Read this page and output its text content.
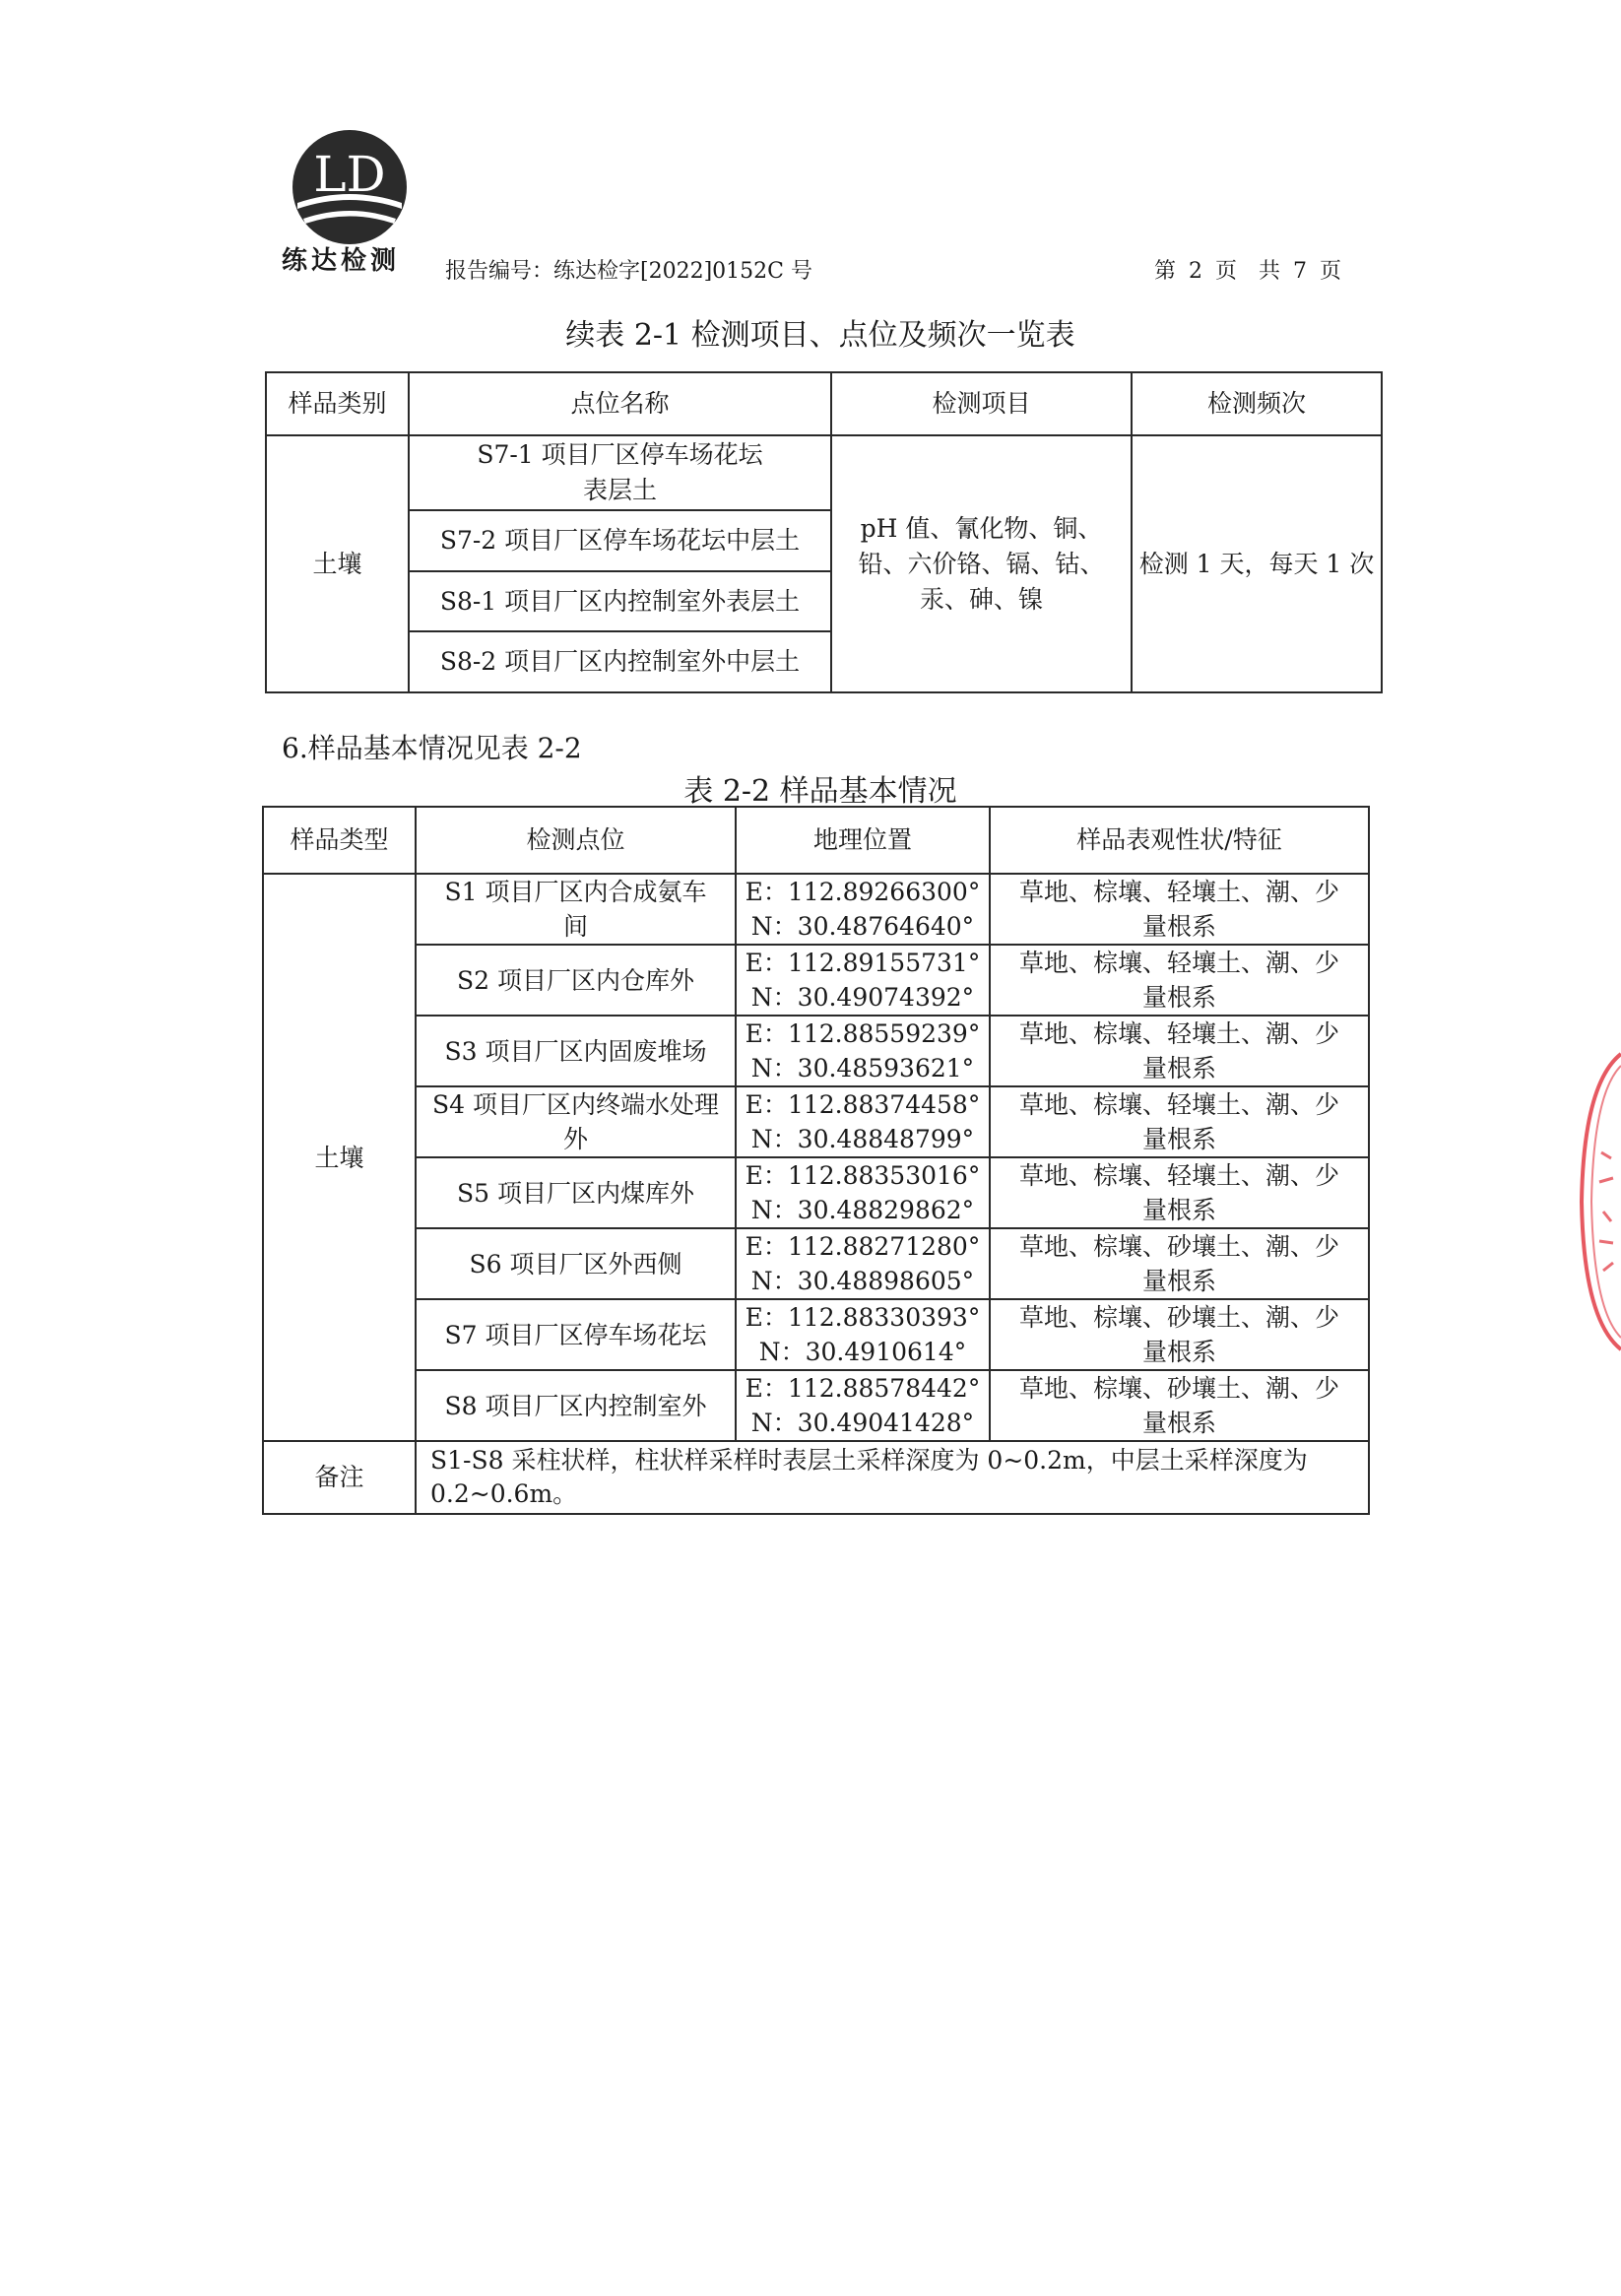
LD
练达检测 报告编号：练达检字[2022]0152C 号	第 2 页　共 7 页
续表 2-1 检测项目、点位及频次一览表
样品类别	点位名称	检测项目	检测频次
土壤	S7-1 项目厂区停车场花坛表层土	pH 值、氰化物、铜、铅、六价铬、镉、钴、汞、砷、镍	检测 1 天，每天 1 次
	S7-2 项目厂区停车场花坛中层土		
	S8-1 项目厂区内控制室外表层土		
	S8-2 项目厂区内控制室外中层土		
6.样品基本情况见表 2-2
表 2-2 样品基本情况
样品类型	检测点位	地理位置	样品表观性状/特征
土壤	S1 项目厂区内合成氨车间	E：112.89266300°
N：30.48764640°	草地、棕壤、轻壤土、潮、少量根系
	S2 项目厂区内仓库外	E：112.89155731°
N：30.49074392°	草地、棕壤、轻壤土、潮、少量根系
	S3 项目厂区内固废堆场	E：112.88559239°
N：30.48593621°	草地、棕壤、轻壤土、潮、少量根系
	S4 项目厂区内终端水处理外	E：112.88374458°
N：30.48848799°	草地、棕壤、轻壤土、潮、少量根系
	S5 项目厂区内煤库外	E：112.88353016°
N：30.48829862°	草地、棕壤、轻壤土、潮、少量根系
	S6 项目厂区外西侧	E：112.88271280°
N：30.48898605°	草地、棕壤、砂壤土、潮、少量根系
	S7 项目厂区停车场花坛	E：112.88330393°
N：30.4910614°	草地、棕壤、砂壤土、潮、少量根系
	S8 项目厂区内控制室外	E：112.88578442°
N：30.49041428°	草地、棕壤、砂壤土、潮、少量根系
备注	S1-S8 采柱状样，柱状样采样时表层土采样深度为 0~0.2m，中层土采样深度为 0.2~0.6m。		
